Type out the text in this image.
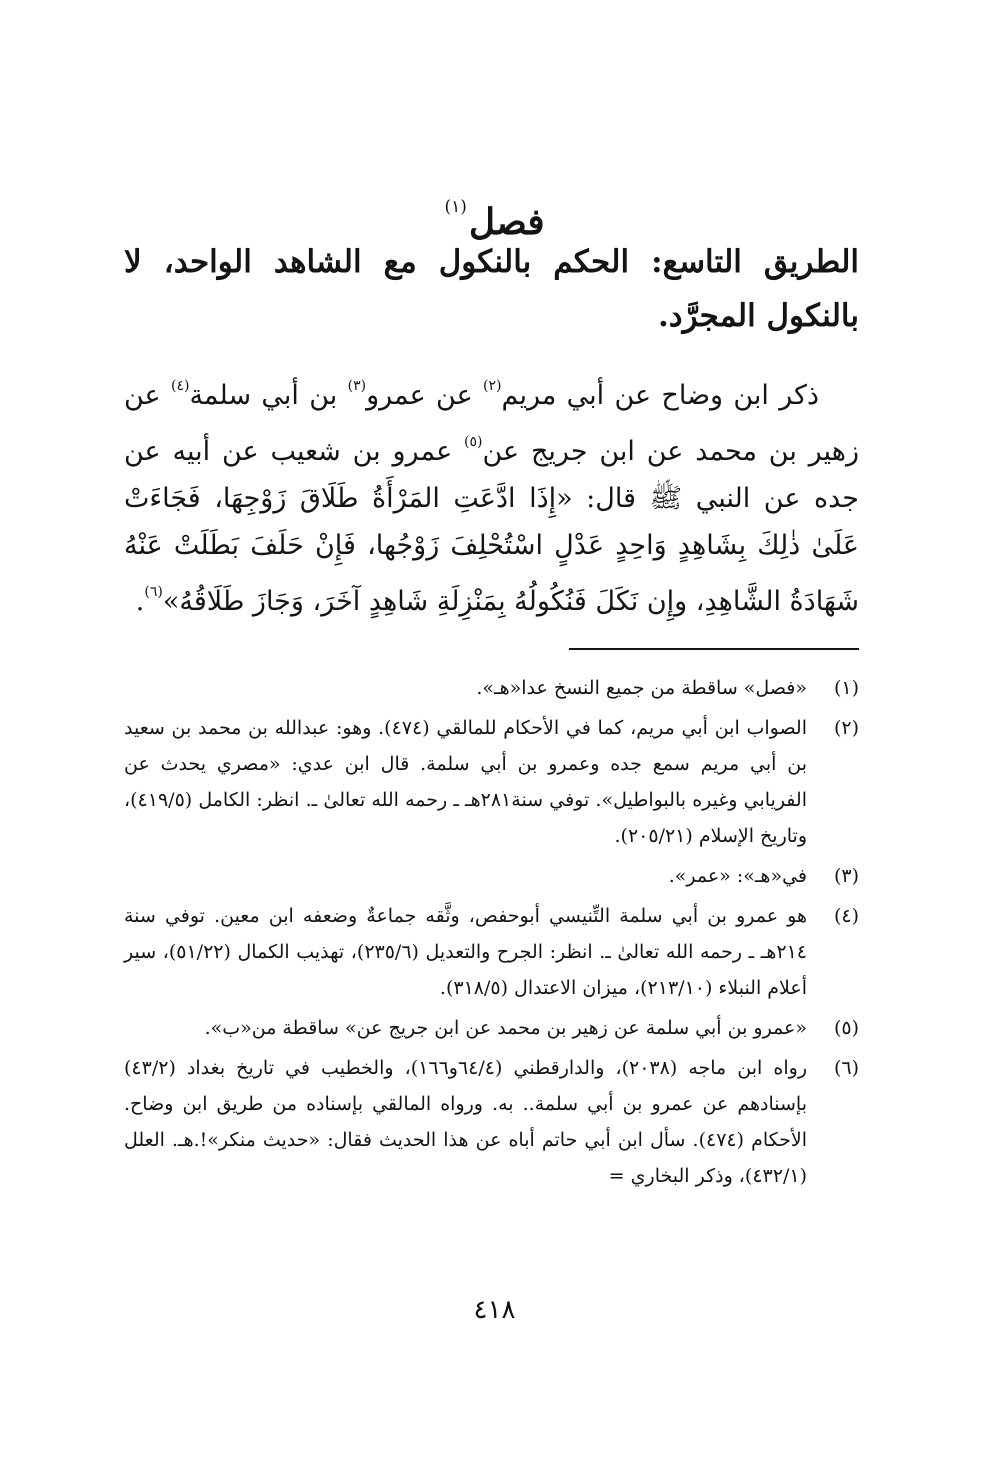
فصل$^{(١)}$
الطريق التاسع: الحكم بالنكول مع الشاهد الواحد، لا بالنكول المجرَّد.

ذكر ابن وضاح عن أبي مريم$^{(٢)}$ عن عمرو$^{(٣)}$ بن أبي سلمة$^{(٤)}$ عن زهير بن محمد عن ابن جريج عن$^{(٥)}$ عمرو بن شعيب عن أبيه عن جده عن النبي ﷺ قال: «إِذَا ادَّعَتِ المَرْأَةُ طَلَاقَ زَوْجِهَا، فَجَاءَتْ عَلَىٰ ذٰلِكَ بِشَاهِدٍ وَاحِدٍ عَدْلٍ اسْتُحْلِفَ زَوْجُها، فَإِنْ حَلَفَ بَطَلَتْ عَنْهُ شَهَادَةُ الشَّاهِدِ، وإِن نَكَلَ فَنُكُولُهُ بِمَنْزِلَةِ شَاهِدٍ آخَرَ، وَجَازَ طَلَاقُهُ»$^{(٦)}$.

(١)
«فصل» ساقطة من جميع النسخ عدا«هـ».
(٢)
الصواب ابن أبي مريم، كما في الأحكام للمالقي (٤٧٤). وهو: عبدالله بن محمد بن سعيد بن أبي مريم سمع جده وعمرو بن أبي سلمة. قال ابن عدي: «مصري يحدث عن الفريابي وغيره بالبواطيل». توفي سنة٢٨١هـ ـ رحمه الله تعالىٰ ـ. انظر: الكامل (٤١٩/٥)، وتاريخ الإسلام (٢٠٥/٢١).
(٣)
في«هـ»: «عمر».
(٤)
هو عمرو بن أبي سلمة التِّنيسي أبوحفص، وثَّقه جماعةٌ وضعفه ابن معين. توفي سنة ٢١٤هـ ـ رحمه الله تعالىٰ ـ. انظر: الجرح والتعديل (٢٣٥/٦)، تهذيب الكمال (٥١/٢٢)، سير أعلام النبلاء (٢١٣/١٠)، ميزان الاعتدال (٣١٨/٥).
(٥)
«عمرو بن أبي سلمة عن زهير بن محمد عن ابن جريج عن» ساقطة من«ب».
(٦)
رواه ابن ماجه (٢٠٣٨)، والدارقطني (٦٤/٤و١٦٦)، والخطيب في تاريخ بغداد (٤٣/٢) بإسنادهم عن عمرو بن أبي سلمة.. به. ورواه المالقي بإسناده من طريق ابن وضاح. الأحكام (٤٧٤). سأل ابن أبي حاتم أباه عن هذا الحديث فقال: «حديث منكر»!.هـ. العلل (٤٣٢/١)، وذكر البخاري =
٤١٨
